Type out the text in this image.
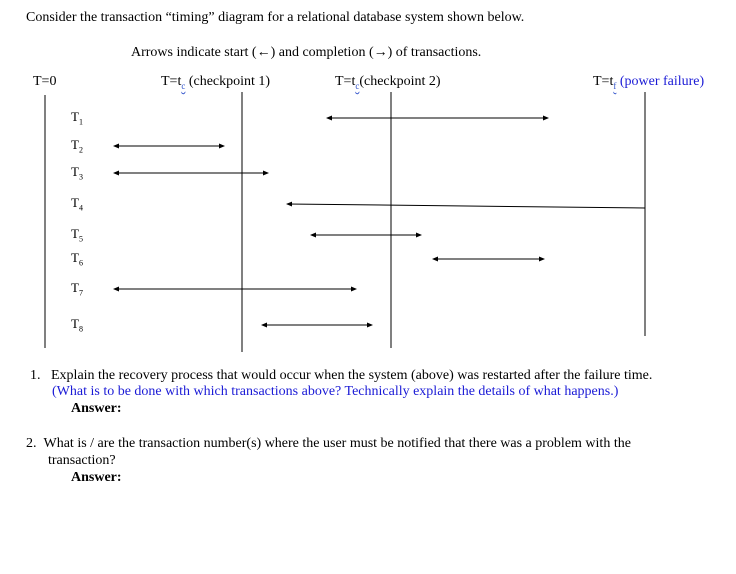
Consider the transaction “timing” diagram for a relational database system shown below.
Arrows indicate start (←) and completion (→) of transactions.
T=0	$T=t_c$ (checkpoint 1)	$T=t_c(checkpoint$ 2)	$T=t_f$ (power failure)
$T_1$
$T_2$
$T_3$
$T_4$
$T_5$
$T_6$
$T_7$
$T_8$
1. Explain the recovery process that would occur when the system (above) was restarted after the failure time.
(What is to be done with which transactions above? Technically explain the details of what happens.)
Answer:
2. What is / are the transaction number(s) where the user must be notified that there was a problem with the
transaction?
Answer:
